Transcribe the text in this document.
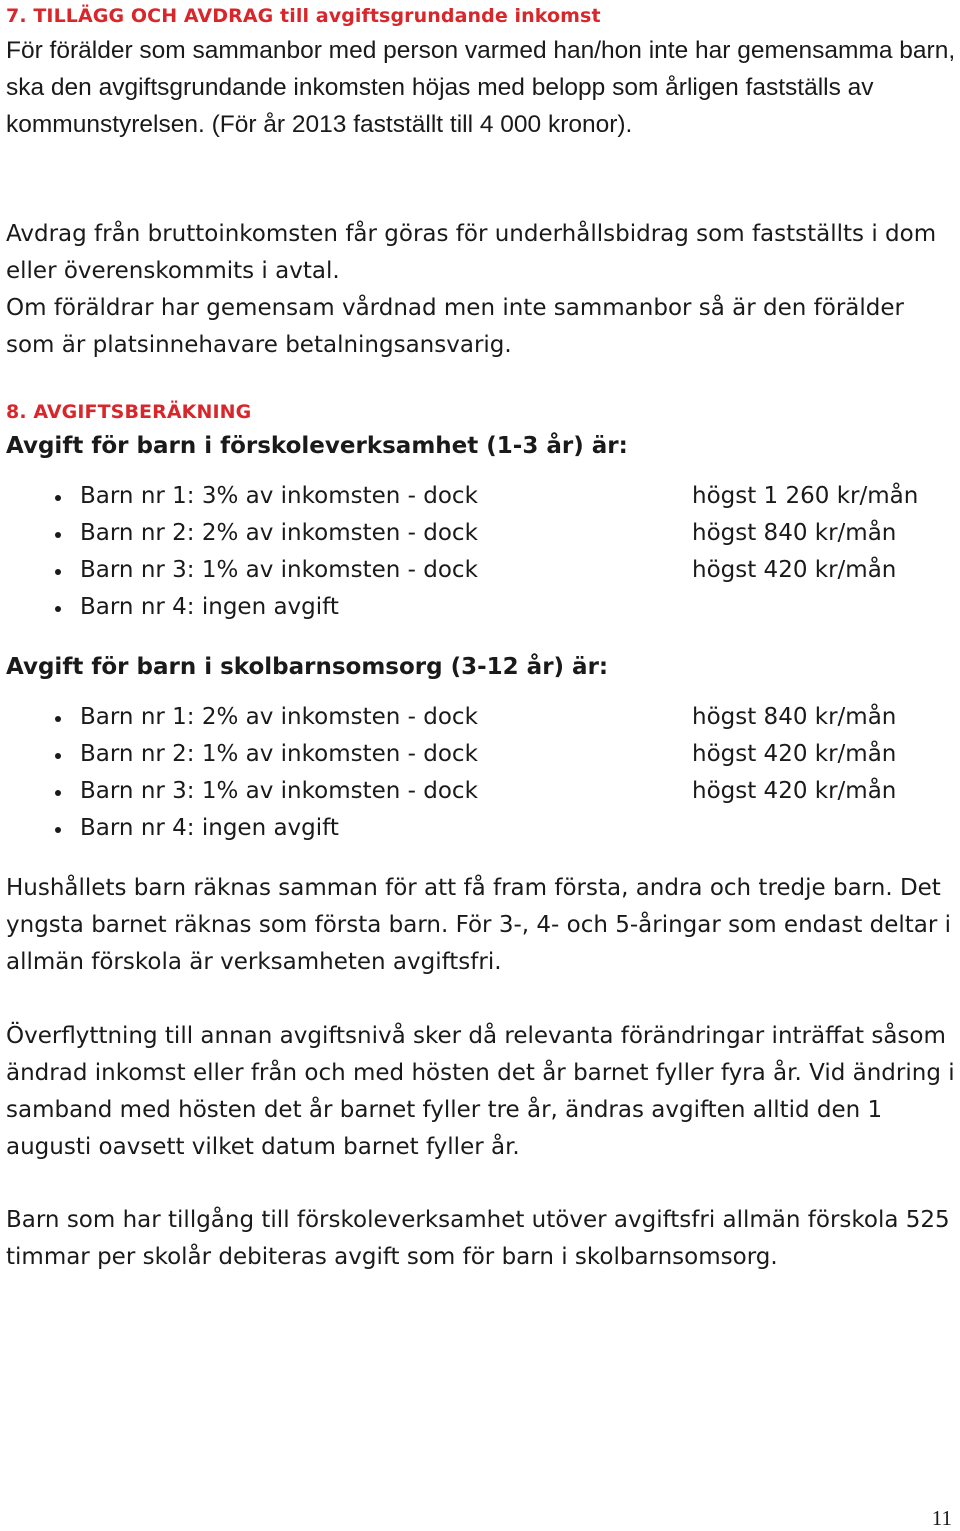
7. TILLÄGG OCH AVDRAG till avgiftsgrundande inkomst

För förälder som sammanbor med person varmed han/hon inte har gemensamma barn, ska den avgiftsgrundande inkomsten höjas med belopp som årligen fastställs av kommunstyrelsen. (För år 2013 fastställt till 4 000 kronor).

Avdrag från bruttoinkomsten får göras för underhållsbidrag som fastställts i dom eller överenskommits i avtal.

Om föräldrar har gemensam vårdnad men inte sammanbor så är den förälder som är platsinnehavare betalningsansvarig.

8. AVGIFTSBERÄKNING

Avgift för barn i förskoleverksamhet (1-3 år) är:

Barn nr 1: 3% av inkomsten - dock	högst 1 260 kr/mån
Barn nr 2: 2% av inkomsten - dock	högst 840 kr/mån
Barn nr 3: 1% av inkomsten - dock	högst 420 kr/mån
Barn nr 4: ingen avgift

Avgift för barn i skolbarnsomsorg (3-12 år) är:

Barn nr 1: 2% av inkomsten - dock	högst 840 kr/mån
Barn nr 2: 1% av inkomsten - dock	högst 420 kr/mån
Barn nr 3: 1% av inkomsten - dock	högst 420 kr/mån
Barn nr 4: ingen avgift

Hushållets barn räknas samman för att få fram första, andra och tredje barn. Det yngsta barnet räknas som första barn. För 3-, 4- och 5-åringar som endast deltar i allmän förskola är verksamheten avgiftsfri.

Överflyttning till annan avgiftsnivå sker då relevanta förändringar inträffat såsom ändrad inkomst eller från och med hösten det år barnet fyller fyra år. Vid ändring i samband med hösten det år barnet fyller tre år, ändras avgiften alltid den 1 augusti oavsett vilket datum barnet fyller år.

Barn som har tillgång till förskoleverksamhet utöver avgiftsfri allmän förskola 525 timmar per skolår debiteras avgift som för barn i skolbarnsomsorg.

11
